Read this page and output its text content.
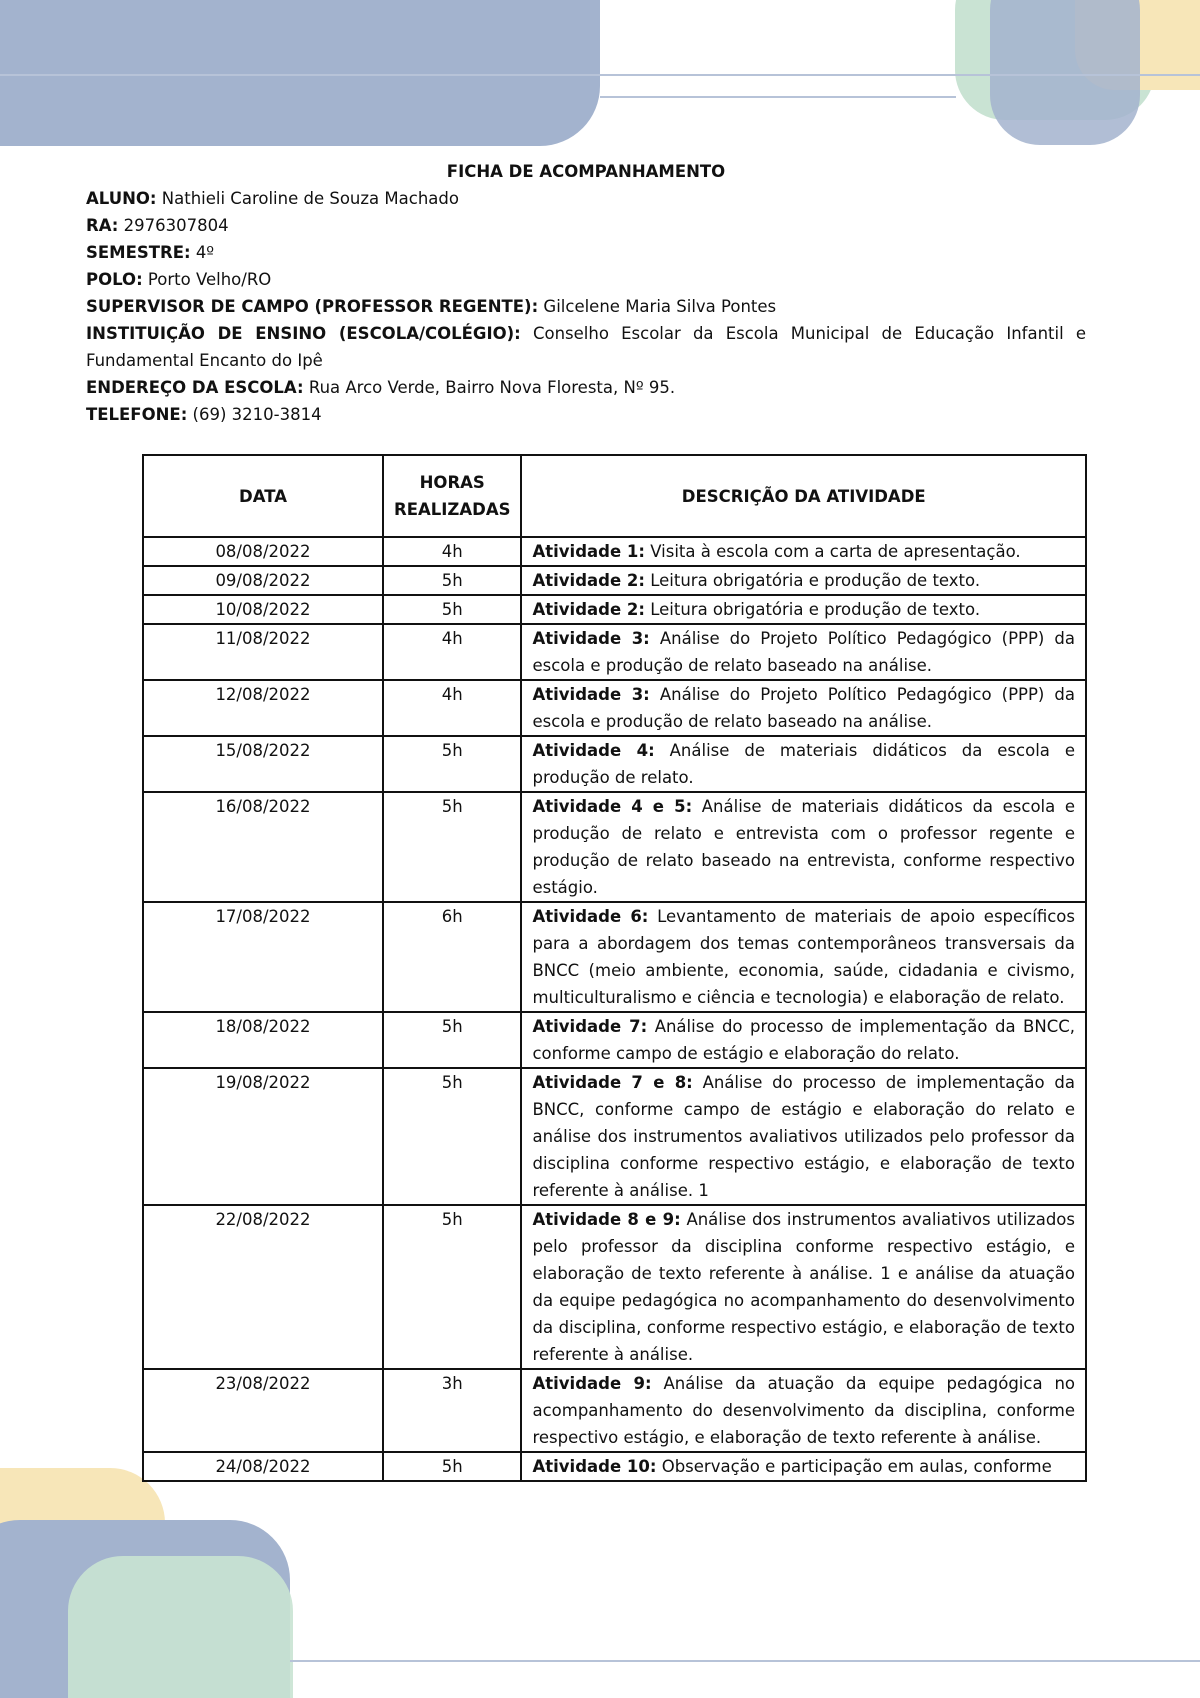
FICHA DE ACOMPANHAMENTO
ALUNO: Nathieli Caroline de Souza Machado
RA: 2976307804
SEMESTRE: 4º
POLO: Porto Velho/RO
SUPERVISOR DE CAMPO (PROFESSOR REGENTE): Gilcelene Maria Silva Pontes
INSTITUIÇÃO DE ENSINO (ESCOLA/COLÉGIO): Conselho Escolar da Escola Municipal de Educação Infantil e Fundamental Encanto do Ipê
ENDEREÇO DA ESCOLA: Rua Arco Verde, Bairro Nova Floresta, Nº 95.
TELEFONE: (69) 3210-3814
DATA	HORAS REALIZADAS	DESCRIÇÃO DA ATIVIDADE
08/08/2022	4h	Atividade 1: Visita à escola com a carta de apresentação.
09/08/2022	5h	Atividade 2: Leitura obrigatória e produção de texto.
10/08/2022	5h	Atividade 2: Leitura obrigatória e produção de texto.
11/08/2022	4h	Atividade 3: Análise do Projeto Político Pedagógico (PPP) da escola e produção de relato baseado na análise.
12/08/2022	4h	Atividade 3: Análise do Projeto Político Pedagógico (PPP) da escola e produção de relato baseado na análise.
15/08/2022	5h	Atividade 4: Análise de materiais didáticos da escola e produção de relato.
16/08/2022	5h	Atividade 4 e 5: Análise de materiais didáticos da escola e produção de relato e entrevista com o professor regente e produção de relato baseado na entrevista, conforme respectivo estágio.
17/08/2022	6h	Atividade 6: Levantamento de materiais de apoio específicos para a abordagem dos temas contemporâneos transversais da BNCC (meio ambiente, economia, saúde, cidadania e civismo, multiculturalismo e ciência e tecnologia) e elaboração de relato.
18/08/2022	5h	Atividade 7: Análise do processo de implementação da BNCC, conforme campo de estágio e elaboração do relato.
19/08/2022	5h	Atividade 7 e 8: Análise do processo de implementação da BNCC, conforme campo de estágio e elaboração do relato e análise dos instrumentos avaliativos utilizados pelo professor da disciplina conforme respectivo estágio, e elaboração de texto referente à análise. 1
22/08/2022	5h	Atividade 8 e 9: Análise dos instrumentos avaliativos utilizados pelo professor da disciplina conforme respectivo estágio, e elaboração de texto referente à análise. 1 e análise da atuação da equipe pedagógica no acompanhamento do desenvolvimento da disciplina, conforme respectivo estágio, e elaboração de texto referente à análise.
23/08/2022	3h	Atividade 9: Análise da atuação da equipe pedagógica no acompanhamento do desenvolvimento da disciplina, conforme respectivo estágio, e elaboração de texto referente à análise.
24/08/2022	5h	Atividade 10: Observação e participação em aulas, conforme
